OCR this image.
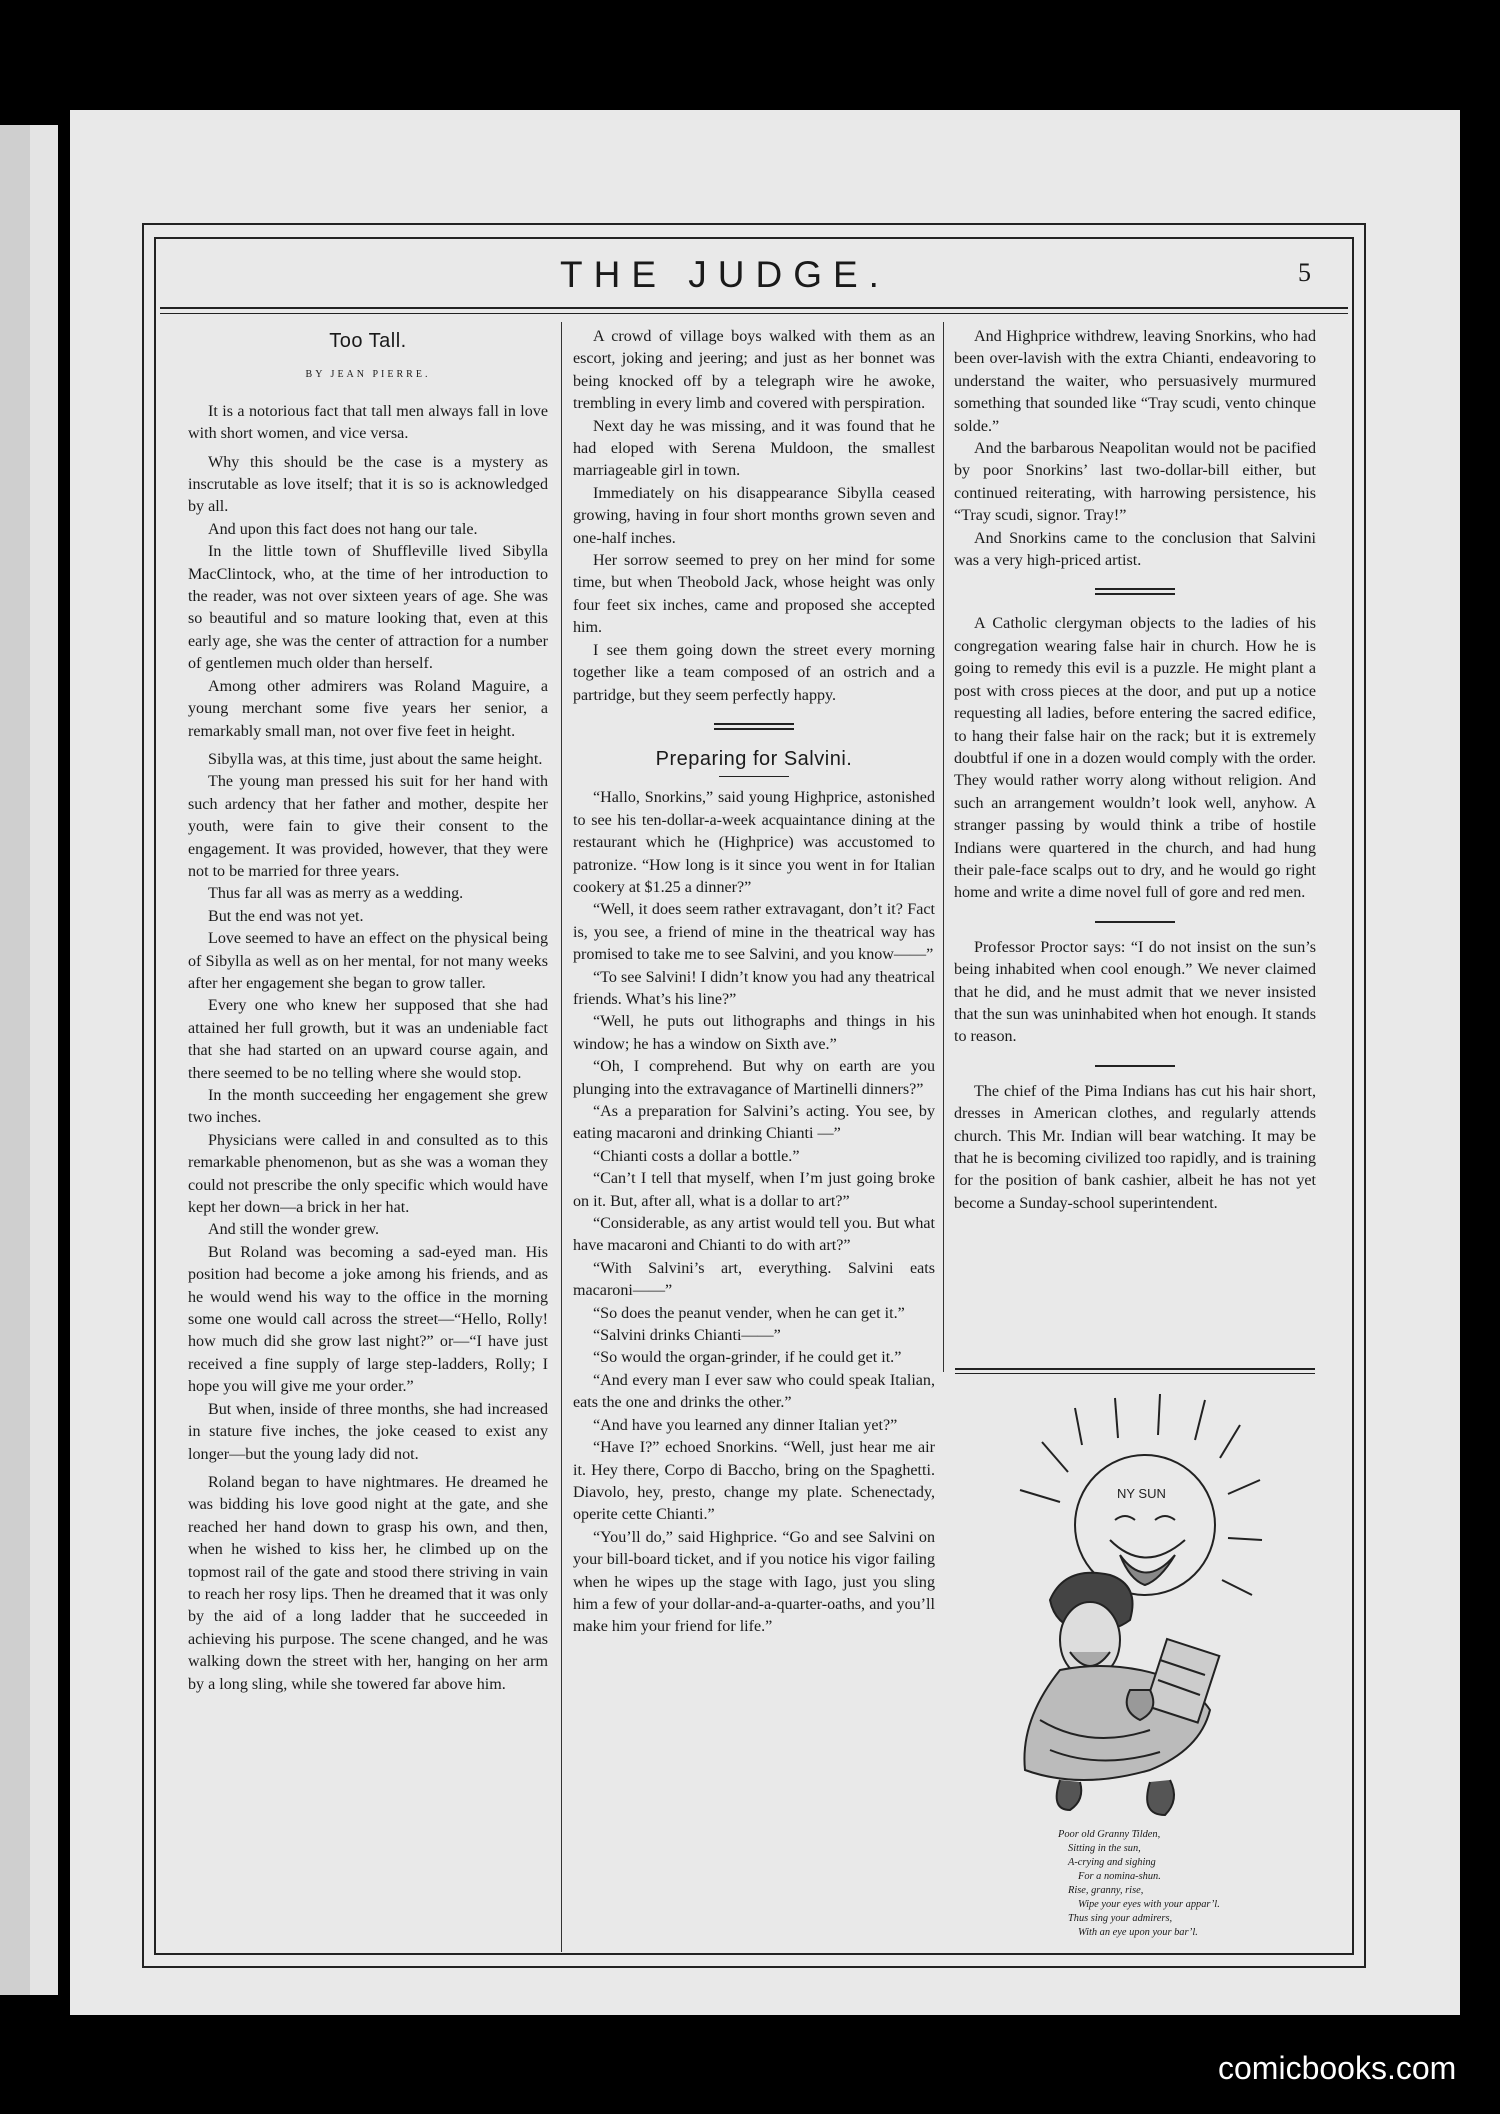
THE JUDGE.	5
Too Tall.
BY JEAN PIERRE.

It is a notorious fact that tall men always fall in love with short women, and vice versa.

Why this should be the case is a mystery as inscrutable as love itself; that it is so is acknowledged by all.

And upon this fact does not hang our tale.

In the little town of Shuffleville lived Sibylla MacClintock, who, at the time of her introduction to the reader, was not over sixteen years of age. She was so beautiful and so mature looking that, even at this early age, she was the center of attraction for a number of gentlemen much older than herself.

Among other admirers was Roland Maguire, a young merchant some five years her senior, a remarkably small man, not over five feet in height.

Sibylla was, at this time, just about the same height.

The young man pressed his suit for her hand with such ardency that her father and mother, despite her youth, were fain to give their consent to the engagement. It was provided, however, that they were not to be married for three years.

Thus far all was as merry as a wedding.

But the end was not yet.

Love seemed to have an effect on the physical being of Sibylla as well as on her mental, for not many weeks after her engagement she began to grow taller.

Every one who knew her supposed that she had attained her full growth, but it was an undeniable fact that she had started on an upward course again, and there seemed to be no telling where she would stop.

In the month succeeding her engagement she grew two inches.

Physicians were called in and consulted as to this remarkable phenomenon, but as she was a woman they could not prescribe the only specific which would have kept her down—a brick in her hat.

And still the wonder grew.

But Roland was becoming a sad-eyed man. His position had become a joke among his friends, and as he would wend his way to the office in the morning some one would call across the street—“Hello, Rolly! how much did she grow last night?” or—“I have just received a fine supply of large step-ladders, Rolly; I hope you will give me your order.”

But when, inside of three months, she had increased in stature five inches, the joke ceased to exist any longer—but the young lady did not.

Roland began to have nightmares. He dreamed he was bidding his love good night at the gate, and she reached her hand down to grasp his own, and then, when he wished to kiss her, he climbed up on the topmost rail of the gate and stood there striving in vain to reach her rosy lips. Then he dreamed that it was only by the aid of a long ladder that he succeeded in achieving his purpose. The scene changed, and he was walking down the street with her, hanging on her arm by a long sling, while she towered far above him.

A crowd of village boys walked with them as an escort, joking and jeering; and just as her bonnet was being knocked off by a telegraph wire he awoke, trembling in every limb and covered with perspiration.

Next day he was missing, and it was found that he had eloped with Serena Muldoon, the smallest marriageable girl in town.

Immediately on his disappearance Sibylla ceased growing, having in four short months grown seven and one-half inches.

Her sorrow seemed to prey on her mind for some time, but when Theobold Jack, whose height was only four feet six inches, came and proposed she accepted him.

I see them going down the street every morning together like a team composed of an ostrich and a partridge, but they seem perfectly happy.

Preparing for Salvini.

“Hallo, Snorkins,” said young Highprice, astonished to see his ten-dollar-a-week acquaintance dining at the restaurant which he (Highprice) was accustomed to patronize. “How long is it since you went in for Italian cookery at $1.25 a dinner?”

“Well, it does seem rather extravagant, don’t it? Fact is, you see, a friend of mine in the theatrical way has promised to take me to see Salvini, and you know——”

“To see Salvini! I didn’t know you had any theatrical friends. What’s his line?”

“Well, he puts out lithographs and things in his window; he has a window on Sixth ave.”

“Oh, I comprehend. But why on earth are you plunging into the extravagance of Martinelli dinners?”

“As a preparation for Salvini’s acting. You see, by eating macaroni and drinking Chianti —”

“Chianti costs a dollar a bottle.”

“Can’t I tell that myself, when I’m just going broke on it. But, after all, what is a dollar to art?”

“Considerable, as any artist would tell you. But what have macaroni and Chianti to do with art?”

“With Salvini’s art, everything. Salvini eats macaroni——”

“So does the peanut vender, when he can get it.”

“Salvini drinks Chianti——”

“So would the organ-grinder, if he could get it.”

“And every man I ever saw who could speak Italian, eats the one and drinks the other.”

“And have you learned any dinner Italian yet?”

“Have I?” echoed Snorkins. “Well, just hear me air it. Hey there, Corpo di Baccho, bring on the Spaghetti. Diavolo, hey, presto, change my plate. Schenectady, operite cette Chianti.”

“You’ll do,” said Highprice. “Go and see Salvini on your bill-board ticket, and if you notice his vigor failing when he wipes up the stage with Iago, just you sling him a few of your dollar-and-a-quarter-oaths, and you’ll make him your friend for life.”

And Highprice withdrew, leaving Snorkins, who had been over-lavish with the extra Chianti, endeavoring to understand the waiter, who persuasively murmured something that sounded like “Tray scudi, vento chinque solde.”

And the barbarous Neapolitan would not be pacified by poor Snorkins’ last two-dollar-bill either, but continued reiterating, with harrowing persistence, his “Tray scudi, signor. Tray!”

And Snorkins came to the conclusion that Salvini was a very high-priced artist.

A Catholic clergyman objects to the ladies of his congregation wearing false hair in church. How he is going to remedy this evil is a puzzle. He might plant a post with cross pieces at the door, and put up a notice requesting all ladies, before entering the sacred edifice, to hang their false hair on the rack; but it is extremely doubtful if one in a dozen would comply with the order. They would rather worry along without religion. And such an arrangement wouldn’t look well, anyhow. A stranger passing by would think a tribe of hostile Indians were quartered in the church, and had hung their pale-face scalps out to dry, and he would go right home and write a dime novel full of gore and red men.

Professor Proctor says: “I do not insist on the sun’s being inhabited when cool enough.” We never claimed that he did, and he must admit that we never insisted that the sun was uninhabited when hot enough. It stands to reason.

The chief of the Pima Indians has cut his hair short, dresses in American clothes, and regularly attends church. This Mr. Indian will bear watching. It may be that he is becoming civilized too rapidly, and is training for the position of bank cashier, albeit he has not yet become a Sunday-school superintendent.

NY SUN
Poor old Granny Tilden,
Sitting in the sun,
A-crying and sighing
For a nomina-shun.
Rise, granny, rise,
Wipe your eyes with your appar’l.
Thus sing your admirers,
With an eye upon your bar’l.
comicbooks.com
